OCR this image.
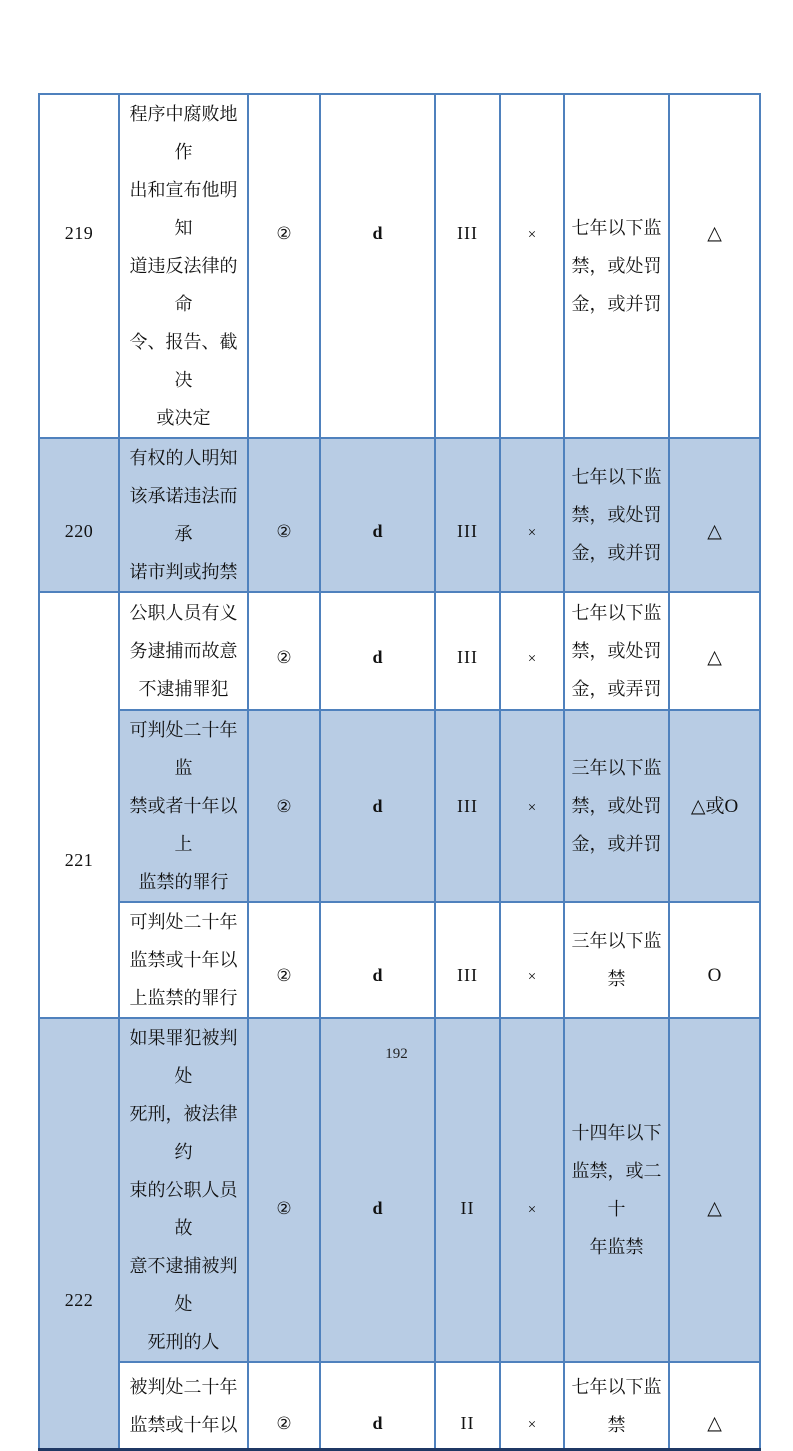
219	程序中腐败地作
出和宣布他明知
道违反法律的命
令、报告、截决
或决定	②	d	III	×	七年以下监
禁，或处罚
金，或并罚	△
220	有权的人明知
该承诺违法而承
诺市判或拘禁	②	d	III	×	七年以下监
禁，或处罚
金，或并罚	△
221	公职人员有义
务逮捕而故意
不逮捕罪犯	②	d	III	×	七年以下监
禁，或处罚
金，或弄罚	△
	可判处二十年监
禁或者十年以上
监禁的罪行	②	d	III	×	三年以下监
禁，或处罚
金，或并罚	△或O
	可判处二十年
监禁或十年以
上监禁的罪行	②	d	III	×	三年以下监禁	O
222	如果罪犯被判处
死刑，被法律约
束的公职人员故
意不逮捕被判处
死刑的人	②	d	II	×	十四年以下
监禁，或二十
年监禁	△
	被判处二十年
监禁或十年以	②	d	II	×	七年以下监
禁	△
192
